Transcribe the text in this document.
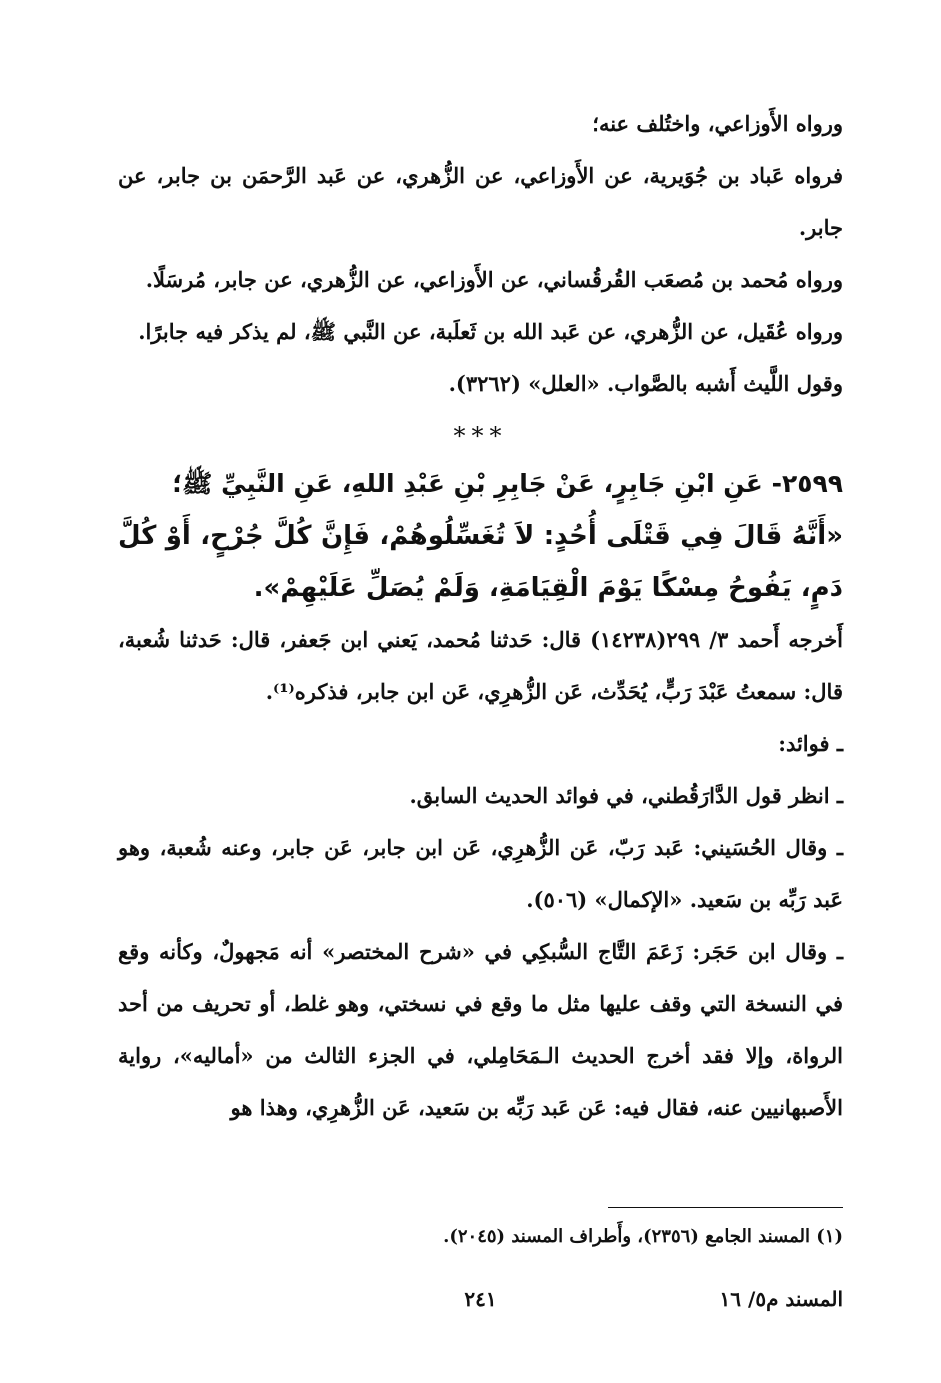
ورواه الأَوزاعي، واختُلف عنه؛

فرواه عَباد بن جُوَيرية، عن الأَوزاعي، عن الزُّهري، عن عَبد الرَّحمَن بن جابر، عن جابر.

ورواه مُحمد بن مُصعَب القُرقُساني، عن الأَوزاعي، عن الزُّهري، عن جابر، مُرسَلًا.

ورواه عُقَيل، عن الزُّهري، عن عَبد الله بن ثَعلَبة، عن النَّبي ﷺ، لم يذكر فيه جابرًا.

وقول اللَّيث أَشبه بالصَّواب. «العلل» (٣٢٦٢).

***

٢٥٩٩- عَنِ ابْنِ جَابِرٍ، عَنْ جَابِرِ بْنِ عَبْدِ اللهِ، عَنِ النَّبِيِّ ﷺ؛

«أَنَّهُ قَالَ فِي قَتْلَى أُحُدٍ: لاَ تُغَسِّلُوهُمْ، فَإِنَّ كُلَّ جُرْحٍ، أَوْ كُلَّ دَمٍ، يَفُوحُ مِسْكًا يَوْمَ الْقِيَامَةِ، وَلَمْ يُصَلِّ عَلَيْهِمْ».

أَخرجه أَحمد ٣/ ٢٩٩(١٤٢٣٨) قال: حَدثنا مُحمد، يَعني ابن جَعفر، قال: حَدثنا شُعبة، قال: سمعتُ عَبْدَ رَبٍّ، يُحَدِّث، عَن الزُّهرِي، عَن ابن جابر، فذكره⁽¹⁾.

ـ فوائد:

ـ انظر قول الدَّارَقُطني، في فوائد الحديث السابق.

ـ وقال الحُسَيني: عَبد رَبّ، عَن الزُّهرِي، عَن ابن جابر، عَن جابر، وعنه شُعبة، وهو عَبد رَبِّه بن سَعيد. «الإكمال» (٥٠٦).

ـ وقال ابن حَجَر: زَعَمَ التَّاج السُّبكِي في «شرح المختصر» أنه مَجهولٌ، وكأنه وقع في النسخة التي وقف عليها مثل ما وقع في نسختي، وهو غلط، أو تحريف من أحد الرواة، وإلا فقد أخرج الحديث الـمَحَامِلي، في الجزء الثالث من «أماليه»، رواية الأَصبهانيين عنه، فقال فيه: عَن عَبد رَبِّه بن سَعيد، عَن الزُّهرِي، وهذا هو

(١) المسند الجامع (٢٣٥٦)، وأَطراف المسند (٢٠٤٥).
المسند م٥/ ١٦
٢٤١
